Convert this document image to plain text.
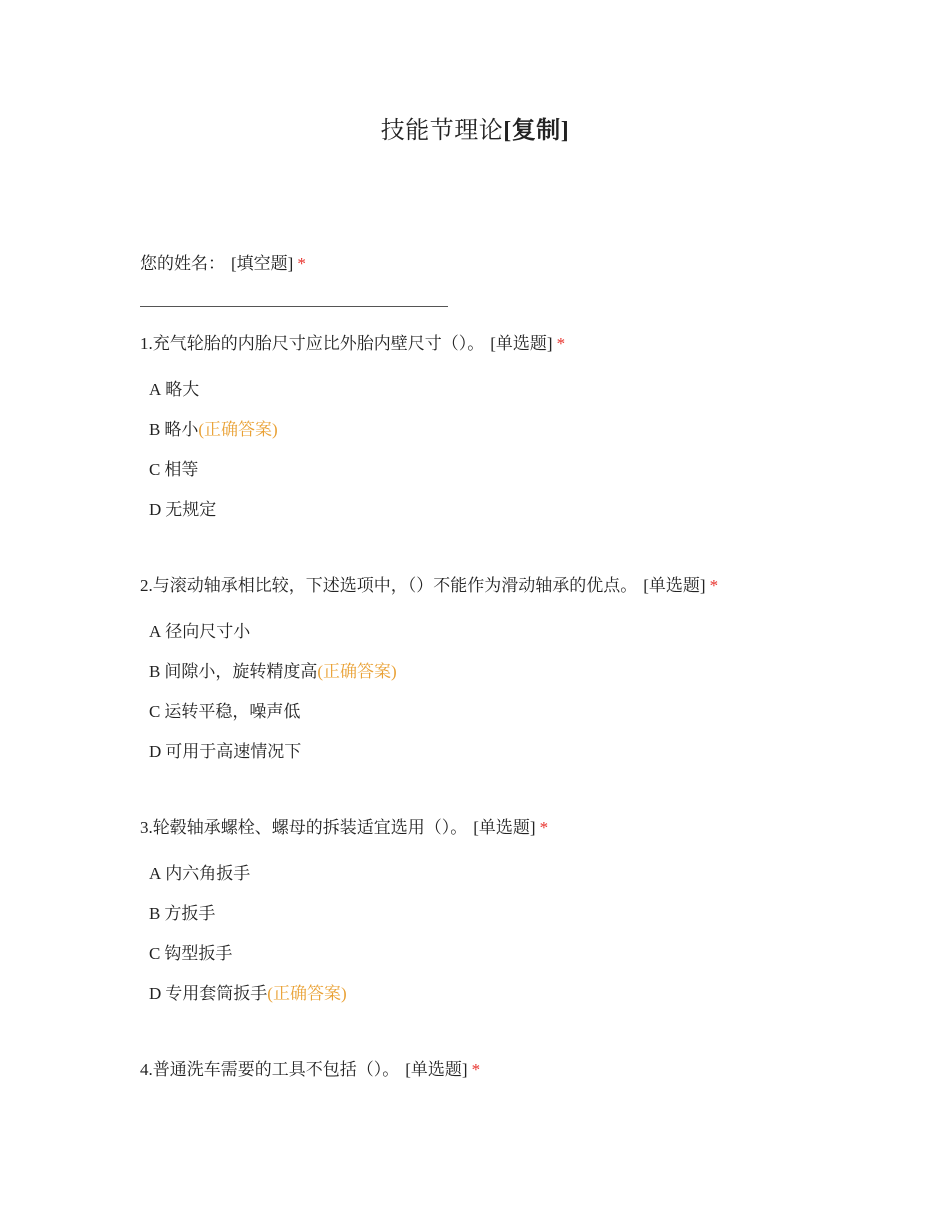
技能节理论[复制]
您的姓名： [填空题] *
1.充气轮胎的内胎尺寸应比外胎内壁尺寸（）。 [单选题] *
A 略大
B 略小(正确答案)
C 相等
D 无规定
2.与滚动轴承相比较，下述选项中，（）不能作为滑动轴承的优点。 [单选题] *
A 径向尺寸小
B 间隙小，旋转精度高(正确答案)
C 运转平稳，噪声低
D 可用于高速情况下
3.轮毂轴承螺栓、螺母的拆装适宜选用（）。 [单选题] *
A 内六角扳手
B 方扳手
C 钩型扳手
D 专用套筒扳手(正确答案)
4.普通洗车需要的工具不包括（）。 [单选题] *
